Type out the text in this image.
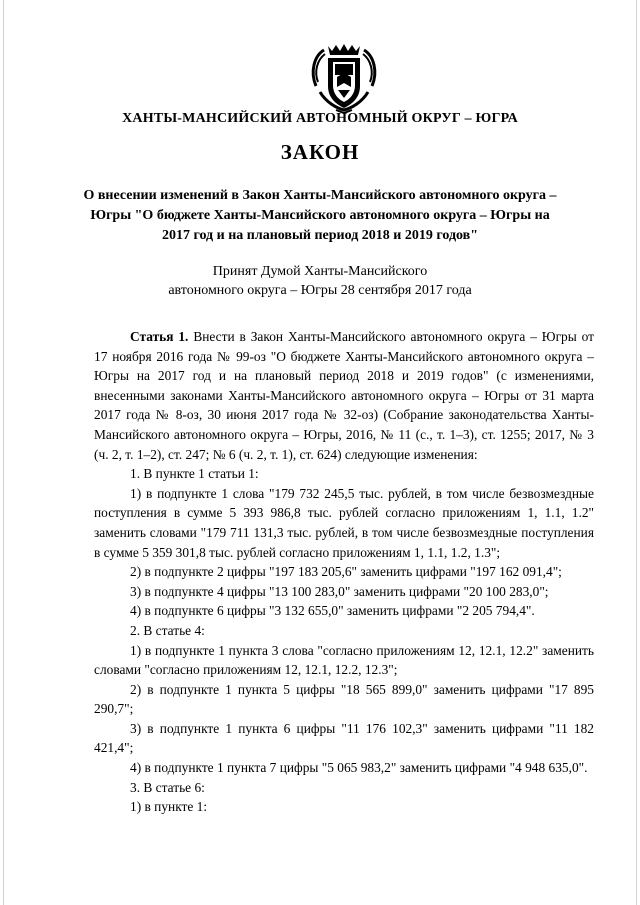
ХАНТЫ-МАНСИЙСКИЙ АВТОНОМНЫЙ ОКРУГ – ЮГРА
ЗАКОН
О внесении изменений в Закон Ханты-Мансийского автономного округа – Югры "О бюджете Ханты-Мансийского автономного округа – Югры на 2017 год и на плановый период 2018 и 2019 годов"
Принят Думой Ханты-Мансийского
автономного округа – Югры 28 сентября 2017 года

Статья 1. Внести в Закон Ханты-Мансийского автономного округа – Югры от 17 ноября 2016 года № 99-оз "О бюджете Ханты-Мансийского автономного округа – Югры на 2017 год и на плановый период 2018 и 2019 годов" (с изменениями, внесенными законами Ханты-Мансийского автономного округа – Югры от 31 марта 2017 года № 8-оз, 30 июня 2017 года № 32-оз) (Собрание законодательства Ханты-Мансийского автономного округа – Югры, 2016, № 11 (с., т. 1–3), ст. 1255; 2017, № 3 (ч. 2, т. 1–2), ст. 247; № 6 (ч. 2, т. 1), ст. 624) следующие изменения:

1. В пункте 1 статьи 1:

1) в подпункте 1 слова "179 732 245,5 тыс. рублей, в том числе безвозмездные поступления в сумме 5 393 986,8 тыс. рублей согласно приложениям 1, 1.1, 1.2" заменить словами "179 711 131,3 тыс. рублей, в том числе безвозмездные поступления в сумме 5 359 301,8 тыс. рублей согласно приложениям 1, 1.1, 1.2, 1.3";

2) в подпункте 2 цифры "197 183 205,6" заменить цифрами "197 162 091,4";

3) в подпункте 4 цифры "13 100 283,0" заменить цифрами "20 100 283,0";

4) в подпункте 6 цифры "3 132 655,0" заменить цифрами "2 205 794,4".

2. В статье 4:

1) в подпункте 1 пункта 3 слова "согласно приложениям 12, 12.1, 12.2" заменить словами "согласно приложениям 12, 12.1, 12.2, 12.3";

2) в подпункте 1 пункта 5 цифры "18 565 899,0" заменить цифрами "17 895 290,7";

3) в подпункте 1 пункта 6 цифры "11 176 102,3" заменить цифрами "11 182 421,4";

4) в подпункте 1 пункта 7 цифры "5 065 983,2" заменить цифрами "4 948 635,0".

3. В статье 6:

1) в пункте 1:
